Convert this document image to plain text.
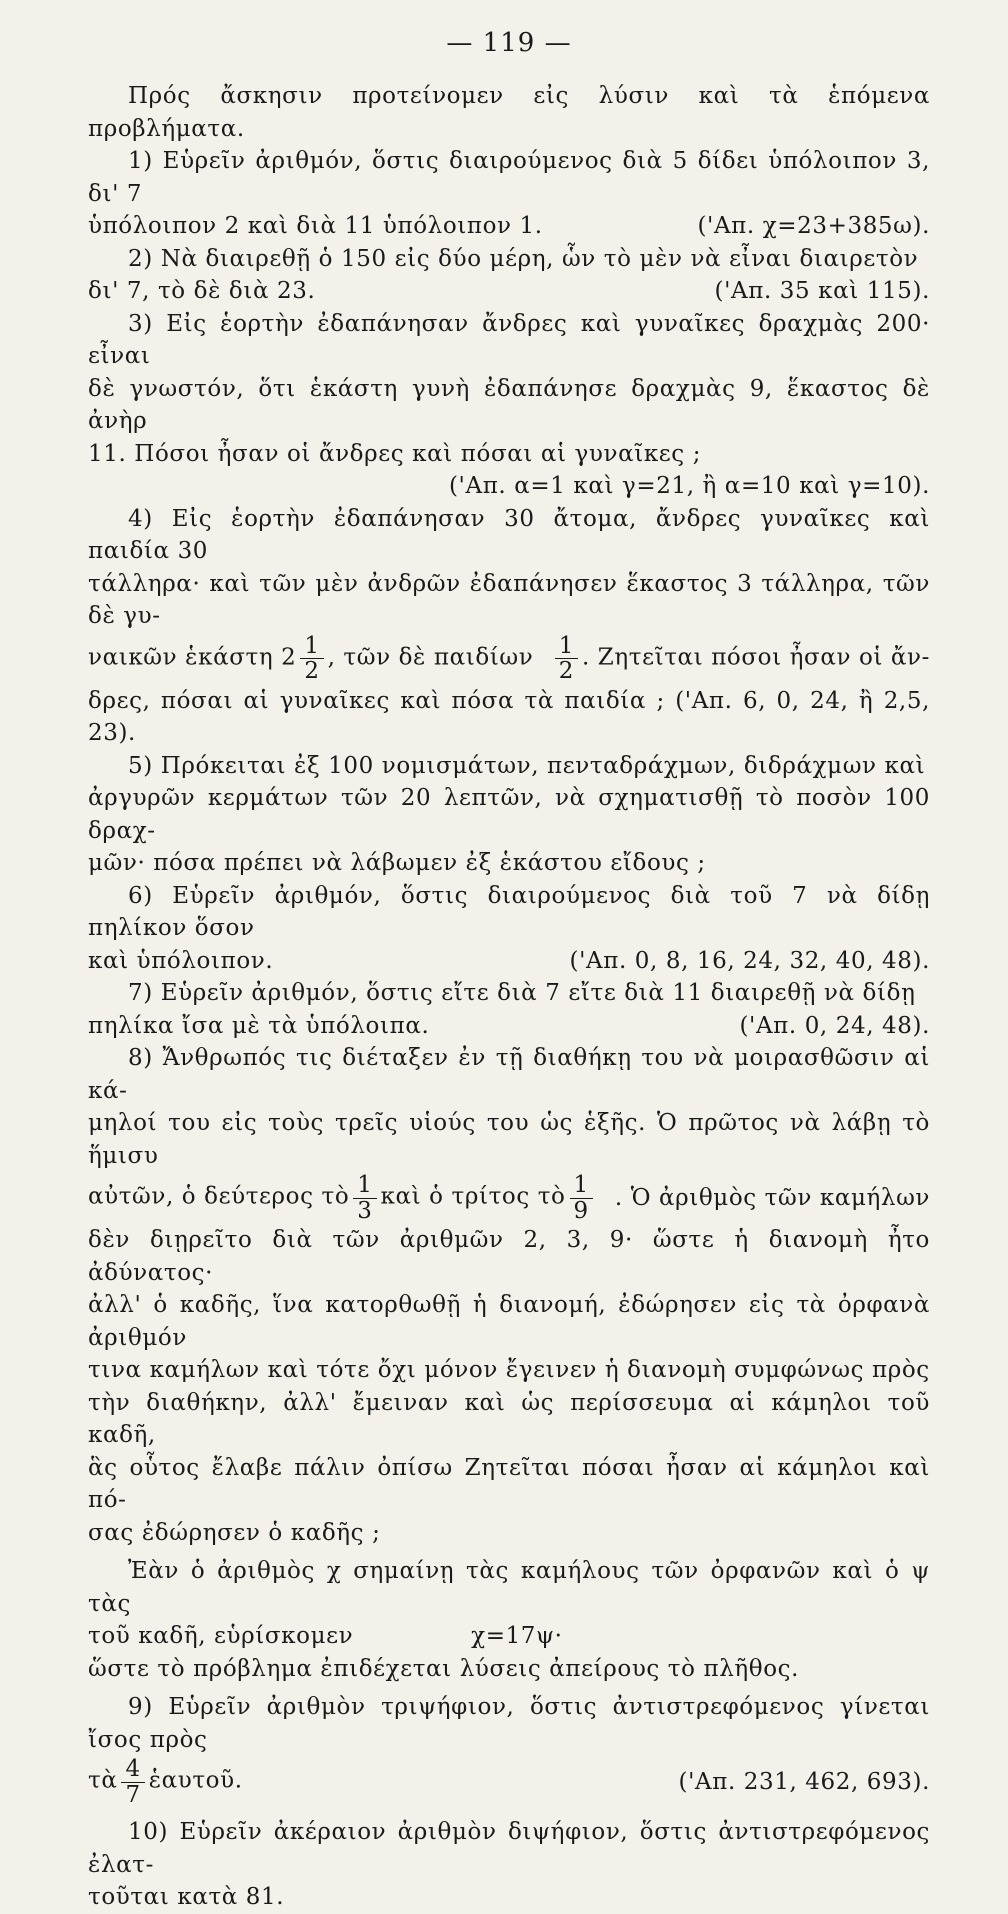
— 119 —

Πρός ἄσκησιν προτείνομεν εἰς λύσιν καὶ τὰ ἑπόμενα προβλήματα.

1) Εὑρεῖν ἀριθμόν, ὅστις διαιρούμενος διὰ 5 δίδει ὑπόλοιπον 3, δι' 7

ὑπόλοιπον 2 καὶ διὰ 11 ὑπόλοιπον 1.	('Απ. χ=23+385ω).

2) Νὰ διαιρεθῇ ὁ 150 εἰς δύο μέρη, ὧν τὸ μὲν νὰ εἶναι διαιρετὸν

δι' 7, τὸ δὲ διὰ 23.	('Απ. 35 καὶ 115).

3) Εἰς ἑορτὴν ἐδαπάνησαν ἄνδρες καὶ γυναῖκες δραχμὰς 200· εἶναι

δὲ γνωστόν, ὅτι ἑκάστη γυνὴ ἐδαπάνησε δραχμὰς 9, ἕκαστος δὲ ἀνὴρ

11. Πόσοι ἦσαν οἱ ἄνδρες καὶ πόσαι αἱ γυναῖκες ;

('Απ. α=1 καὶ γ=21, ἢ α=10 καὶ γ=10).

4) Εἰς ἑορτὴν ἐδαπάνησαν 30 ἄτομα, ἄνδρες γυναῖκες καὶ παιδία 30

τάλληρα· καὶ τῶν μὲν ἀνδρῶν ἐδαπάνησεν ἕκαστος 3 τάλληρα, τῶν δὲ γυ-

ναικῶν ἑκάστη $2 \frac{1}{2}$ , τῶν δὲ παιδίων $\frac{1}{2}$ . Ζητεῖται πόσοι ἦσαν οἱ ἄν-

δρες, πόσαι αἱ γυναῖκες καὶ πόσα τὰ παιδία ; ('Απ. 6, 0, 24, ἢ 2,5, 23).

5) Πρόκειται ἐξ 100 νομισμάτων, πενταδράχμων, διδράχμων καὶ

ἀργυρῶν κερμάτων τῶν 20 λεπτῶν, νὰ σχηματισθῇ τὸ ποσὸν 100 δραχ-

μῶν· πόσα πρέπει νὰ λάβωμεν ἐξ ἑκάστου εἴδους ;

6) Εὑρεῖν ἀριθμόν, ὅστις διαιρούμενος διὰ τοῦ 7 νὰ δίδῃ πηλίκον ὅσον

καὶ ὑπόλοιπον.	('Απ. 0, 8, 16, 24, 32, 40, 48).

7) Εὑρεῖν ἀριθμόν, ὅστις εἴτε διὰ 7 εἴτε διὰ 11 διαιρεθῇ νὰ δίδῃ

πηλίκα ἴσα μὲ τὰ ὑπόλοιπα.	('Απ. 0, 24, 48).

8) Ἄνθρωπός τις διέταξεν ἐν τῇ διαθήκῃ του νὰ μοιρασθῶσιν αἱ κά-

μηλοί του εἰς τοὺς τρεῖς υἱούς του ὡς ἑξῆς. Ὁ πρῶτος νὰ λάβῃ τὸ ἥμισυ

αὐτῶν, ὁ δεύτερος τὸ $\frac{1}{3}$ καὶ ὁ τρίτος τὸ $\frac{1}{9}$ . Ὁ ἀριθμὸς τῶν καμήλων

δὲν διῃρεῖτο διὰ τῶν ἀριθμῶν 2, 3, 9· ὥστε ἡ διανομὴ ἦτο ἀδύνατος·

ἀλλ' ὁ καδῆς, ἵνα κατορθωθῇ ἡ διανομή, ἐδώρησεν εἰς τὰ ὀρφανὰ ἀριθμόν

τινα καμήλων καὶ τότε ὄχι μόνον ἔγεινεν ἡ διανομὴ συμφώνως πρὸς

τὴν διαθήκην, ἀλλ' ἔμειναν καὶ ὡς περίσσευμα αἱ κάμηλοι τοῦ καδῆ,

ἃς οὗτος ἔλαβε πάλιν ὀπίσω Ζητεῖται πόσαι ἦσαν αἱ κάμηλοι καὶ πό-

σας ἐδώρησεν ὁ καδῆς ;

Ἐὰν ὁ ἀριθμὸς χ σημαίνῃ τὰς καμήλους τῶν ὀρφανῶν καὶ ὁ ψ τὰς

τοῦ καδῆ, εὑρίσκομεν	χ=17ψ·

ὥστε τὸ πρόβλημα ἐπιδέχεται λύσεις ἀπείρους τὸ πλῆθος.

9) Εὑρεῖν ἀριθμὸν τριψήφιον, ὅστις ἀντιστρεφόμενος γίνεται ἴσος πρὸς

τὰ $\frac{4}{7}$ ἑαυτοῦ.	('Απ. 231, 462, 693).

10) Εὑρεῖν ἀκέραιον ἀριθμὸν διψήφιον, ὅστις ἀντιστρεφόμενος ἐλατ-

τοῦται κατὰ 81.
